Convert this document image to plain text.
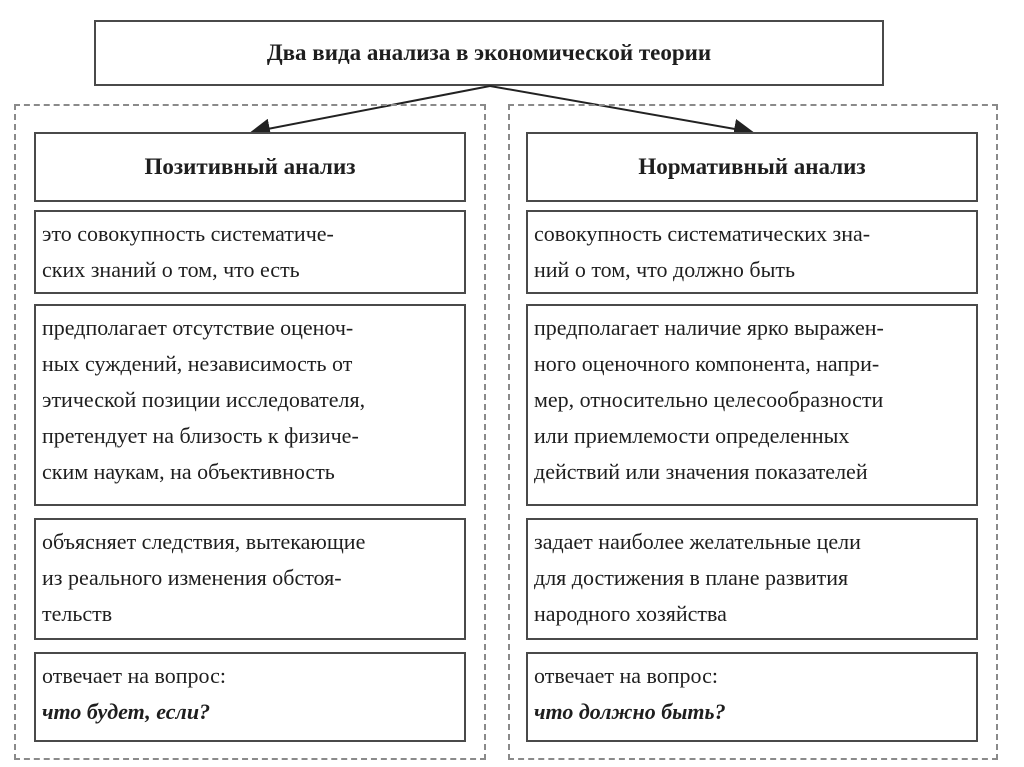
Два вида анализа в экономической теории
Позитивный анализ
это совокупность систематиче-
ских знаний о том, что есть
предполагает отсутствие оценоч-
ных суждений, независимость от
этической позиции исследователя,
претендует на близость к физиче-
ским наукам, на объективность
объясняет следствия, вытекающие
из реального изменения обстоя-
тельств
отвечает на вопрос:
что будет, если?
Нормативный анализ
совокупность систематических зна-
ний о том, что должно быть
предполагает наличие ярко выражен-
ного оценочного компонента, напри-
мер, относительно целесообразности
или приемлемости определенных
действий или значения показателей
задает наиболее желательные цели
для достижения в плане развития
народного хозяйства
отвечает на вопрос:
что должно быть?
